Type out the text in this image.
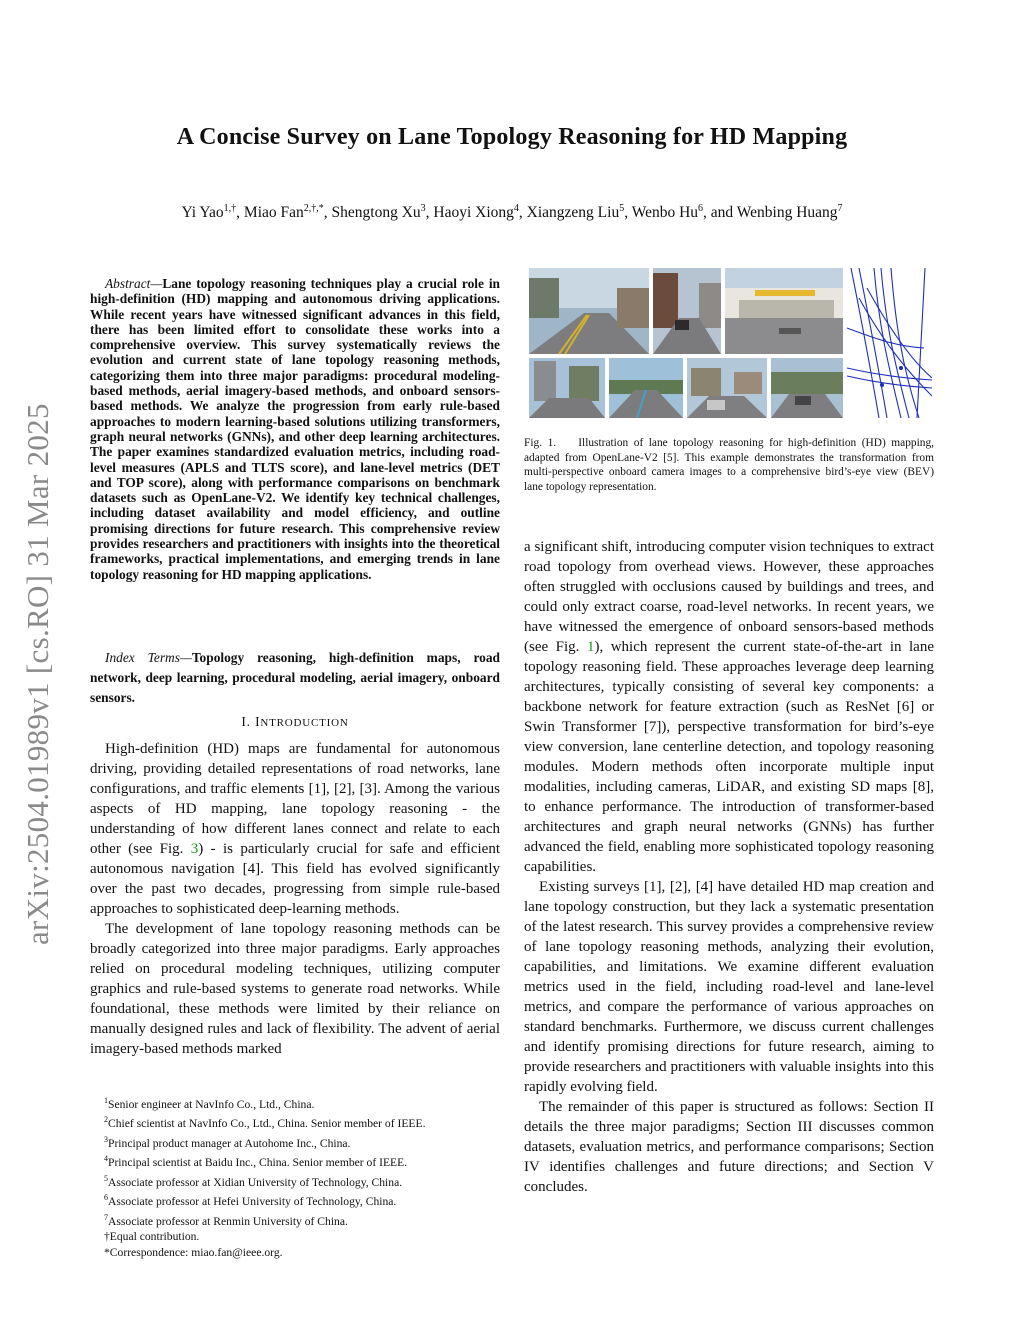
arXiv:2504.01989v1 [cs.RO] 31 Mar 2025
A Concise Survey on Lane Topology Reasoning for HD Mapping
Yi Yao$^{1,\dagger}$, Miao Fan$^{2,\dagger,*}$, Shengtong Xu$^3$, Haoyi Xiong$^4$, Xiangzeng Liu$^5$, Wenbo Hu$^6$, and Wenbing Huang$^7$

Abstract—Lane topology reasoning techniques play a crucial role in high-definition (HD) mapping and autonomous driving applications. While recent years have witnessed significant advances in this field, there has been limited effort to consolidate these works into a comprehensive overview. This survey systematically reviews the evolution and current state of lane topology reasoning methods, categorizing them into three major paradigms: procedural modeling-based methods, aerial imagery-based methods, and onboard sensors-based methods. We analyze the progression from early rule-based approaches to modern learning-based solutions utilizing transformers, graph neural networks (GNNs), and other deep learning architectures. The paper examines standardized evaluation metrics, including road-level measures (APLS and TLTS score), and lane-level metrics (DET and TOP score), along with performance comparisons on benchmark datasets such as OpenLane-V2. We identify key technical challenges, including dataset availability and model efficiency, and outline promising directions for future research. This comprehensive review provides researchers and practitioners with insights into the theoretical frameworks, practical implementations, and emerging trends in lane topology reasoning for HD mapping applications.

Index Terms—Topology reasoning, high-definition maps, road network, deep learning, procedural modeling, aerial imagery, onboard sensors.

I. INTRODUCTION

High-definition (HD) maps are fundamental for autonomous driving, providing detailed representations of road networks, lane configurations, and traffic elements [1], [2], [3]. Among the various aspects of HD mapping, lane topology reasoning - the understanding of how different lanes connect and relate to each other (see Fig. 3) - is particularly crucial for safe and efficient autonomous navigation [4]. This field has evolved significantly over the past two decades, progressing from simple rule-based approaches to sophisticated deep-learning methods.

The development of lane topology reasoning methods can be broadly categorized into three major paradigms. Early approaches relied on procedural modeling techniques, utilizing computer graphics and rule-based systems to generate road networks. While foundational, these methods were limited by their reliance on manually designed rules and lack of flexibility. The advent of aerial imagery-based methods marked

$^1$Senior engineer at NavInfo Co., Ltd., China.
$^2$Chief scientist at NavInfo Co., Ltd., China. Senior member of IEEE.
$^3$Principal product manager at Autohome Inc., China.
$^4$Principal scientist at Baidu Inc., China. Senior member of IEEE.
$^5$Associate professor at Xidian University of Technology, China.
$^6$Associate professor at Hefei University of Technology, China.
$^7$Associate professor at Renmin University of China.
†Equal contribution.
*Correspondence: miao.fan@ieee.org.
Fig. 1. Illustration of lane topology reasoning for high-definition (HD) mapping, adapted from OpenLane-V2 [5]. This example demonstrates the transformation from multi-perspective onboard camera images to a comprehensive bird’s-eye view (BEV) lane topology representation.

a significant shift, introducing computer vision techniques to extract road topology from overhead views. However, these approaches often struggled with occlusions caused by buildings and trees, and could only extract coarse, road-level networks. In recent years, we have witnessed the emergence of onboard sensors-based methods (see Fig. 1), which represent the current state-of-the-art in lane topology reasoning field. These approaches leverage deep learning architectures, typically consisting of several key components: a backbone network for feature extraction (such as ResNet [6] or Swin Transformer [7]), perspective transformation for bird’s-eye view conversion, lane centerline detection, and topology reasoning modules. Modern methods often incorporate multiple input modalities, including cameras, LiDAR, and existing SD maps [8], to enhance performance. The introduction of transformer-based architectures and graph neural networks (GNNs) has further advanced the field, enabling more sophisticated topology reasoning capabilities.

Existing surveys [1], [2], [4] have detailed HD map creation and lane topology construction, but they lack a systematic presentation of the latest research. This survey provides a comprehensive review of lane topology reasoning methods, analyzing their evolution, capabilities, and limitations. We examine different evaluation metrics used in the field, including road-level and lane-level metrics, and compare the performance of various approaches on standard benchmarks. Furthermore, we discuss current challenges and identify promising directions for future research, aiming to provide researchers and practitioners with valuable insights into this rapidly evolving field.

The remainder of this paper is structured as follows: Section II details the three major paradigms; Section III discusses common datasets, evaluation metrics, and performance comparisons; Section IV identifies challenges and future directions; and Section V concludes.
